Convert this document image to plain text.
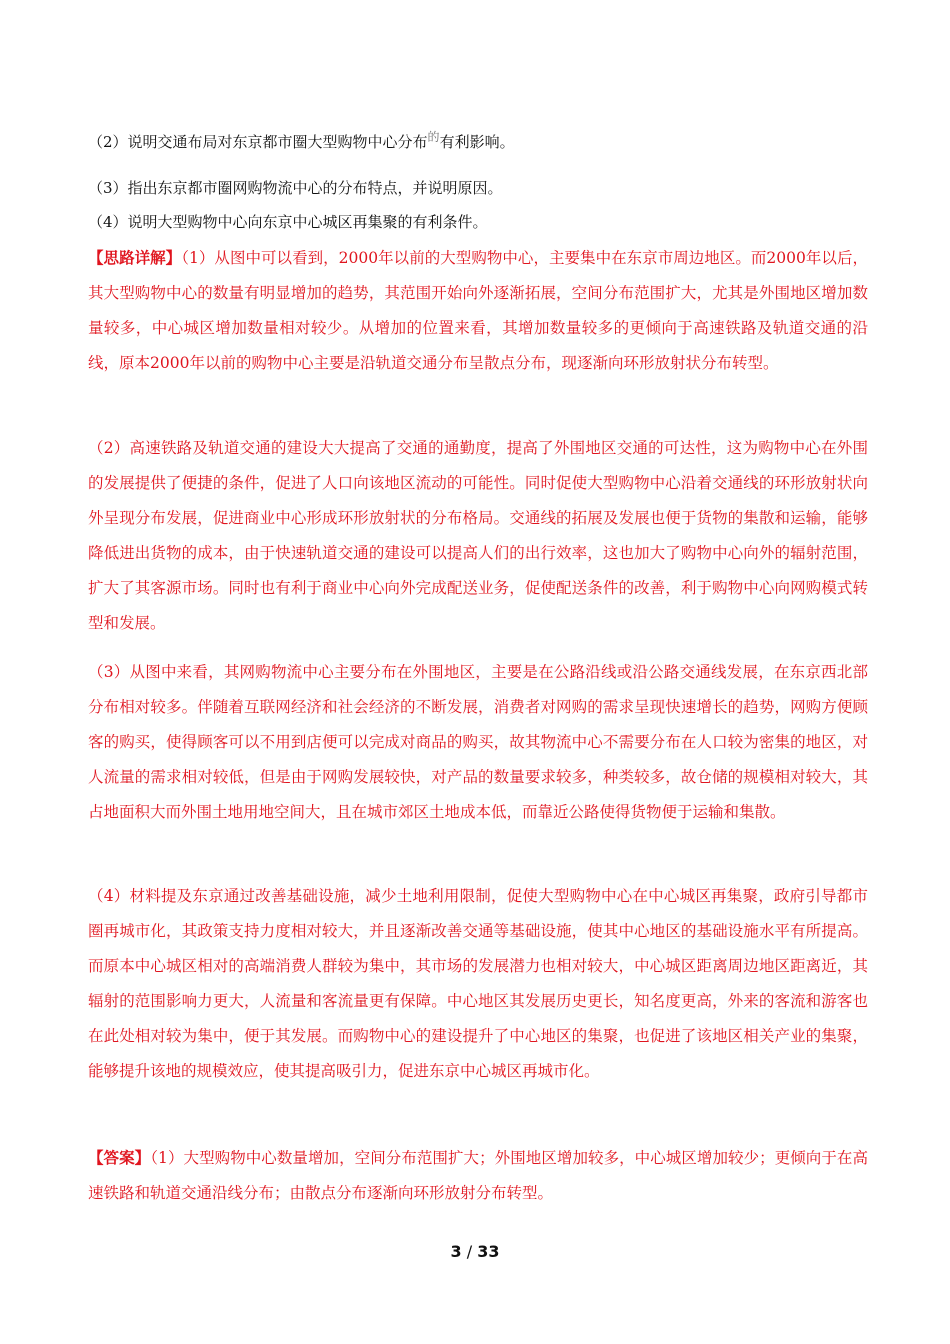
（2）说明交通布局对东京都市圈大型购物中心分布$^的$有利影响。
（3）指出东京都市圈网购物流中心的分布特点，并说明原因。
（4）说明大型购物中心向东京中心城区再集聚的有利条件。
【思路详解】（1）从图中可以看到，2000年以前的大型购物中心，主要集中在东京市周边地区。而2000年以后，其大型购物中心的数量有明显增加的趋势，其范围开始向外逐渐拓展，空间分布范围扩大，尤其是外围地区增加数量较多，中心城区增加数量相对较少。从增加的位置来看，其增加数量较多的更倾向于高速铁路及轨道交通的沿线，原本2000年以前的购物中心主要是沿轨道交通分布呈散点分布，现逐渐向环形放射状分布转型。
（2）高速铁路及轨道交通的建设大大提高了交通的通勤度，提高了外围地区交通的可达性，这为购物中心在外围的发展提供了便捷的条件，促进了人口向该地区流动的可能性。同时促使大型购物中心沿着交通线的环形放射状向外呈现分布发展，促进商业中心形成环形放射状的分布格局。交通线的拓展及发展也便于货物的集散和运输，能够降低进出货物的成本，由于快速轨道交通的建设可以提高人们的出行效率，这也加大了购物中心向外的辐射范围，扩大了其客源市场。同时也有利于商业中心向外完成配送业务，促使配送条件的改善，利于购物中心向网购模式转型和发展。
（3）从图中来看，其网购物流中心主要分布在外围地区，主要是在公路沿线或沿公路交通线发展，在东京西北部分布相对较多。伴随着互联网经济和社会经济的不断发展，消费者对网购的需求呈现快速增长的趋势，网购方便顾客的购买，使得顾客可以不用到店便可以完成对商品的购买，故其物流中心不需要分布在人口较为密集的地区，对人流量的需求相对较低，但是由于网购发展较快，对产品的数量要求较多，种类较多，故仓储的规模相对较大，其占地面积大而外围土地用地空间大，且在城市郊区土地成本低，而靠近公路使得货物便于运输和集散。
（4）材料提及东京通过改善基础设施，减少土地利用限制，促使大型购物中心在中心城区再集聚，政府引导都市圈再城市化，其政策支持力度相对较大，并且逐渐改善交通等基础设施，使其中心地区的基础设施水平有所提高。而原本中心城区相对的高端消费人群较为集中，其市场的发展潜力也相对较大，中心城区距离周边地区距离近，其辐射的范围影响力更大，人流量和客流量更有保障。中心地区其发展历史更长，知名度更高，外来的客流和游客也在此处相对较为集中，便于其发展。而购物中心的建设提升了中心地区的集聚，也促进了该地区相关产业的集聚，能够提升该地的规模效应，使其提高吸引力，促进东京中心城区再城市化。
【答案】（1）大型购物中心数量增加，空间分布范围扩大；外围地区增加较多，中心城区增加较少；更倾向于在高速铁路和轨道交通沿线分布；由散点分布逐渐向环形放射分布转型。
3 / 33
